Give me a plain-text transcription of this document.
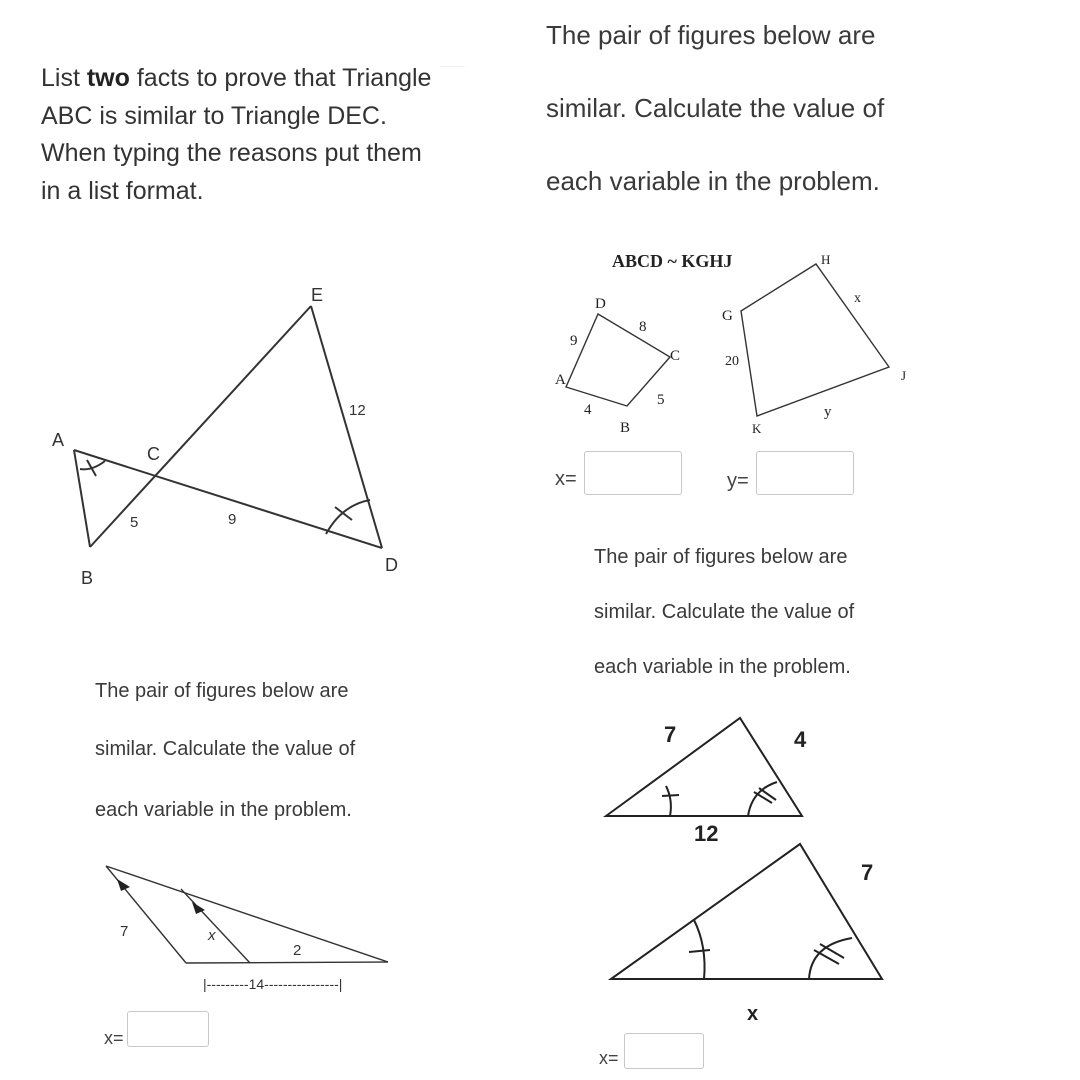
List two facts to prove that Triangle ABC is similar to Triangle DEC. When typing the reasons put them in a list format.
The pair of figures below are
similar. Calculate the value of
each variable in the problem.
The pair of figures below are
similar. Calculate the value of
each variable in the problem.
The pair of figures below are
similar. Calculate the value of
each variable in the problem.
A
B
C
D
E
5	9
12
ABCD ~ KGHJ
D
C
B
A
9
8
5
4
G
H
J
K
20
x
y
7	x
2
|---------14----------------|
7	4
12
7
x
x=	y=
x=
x=
